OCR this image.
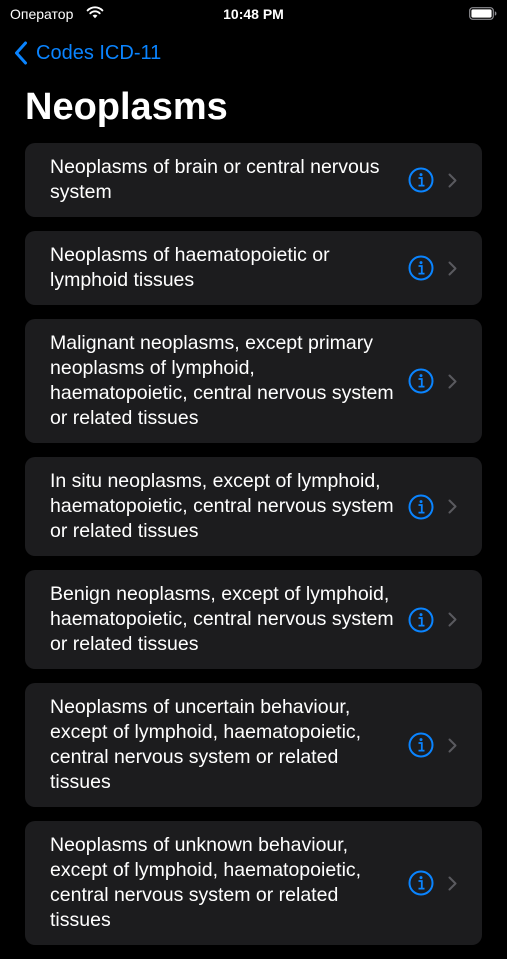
Оператор	10:48 PM
Codes ICD-11
Neoplasms
Neoplasms of brain or central nervous system
Neoplasms of haematopoietic or lymphoid tissues
Malignant neoplasms, except primary neoplasms of lymphoid, haematopoietic, central nervous system or related tissues
In situ neoplasms, except of lymphoid, haematopoietic, central nervous system or related tissues
Benign neoplasms, except of lymphoid, haematopoietic, central nervous system or related tissues
Neoplasms of uncertain behaviour, except of lymphoid, haematopoietic, central nervous system or related tissues
Neoplasms of unknown behaviour, except of lymphoid, haematopoietic, central nervous system or related tissues
